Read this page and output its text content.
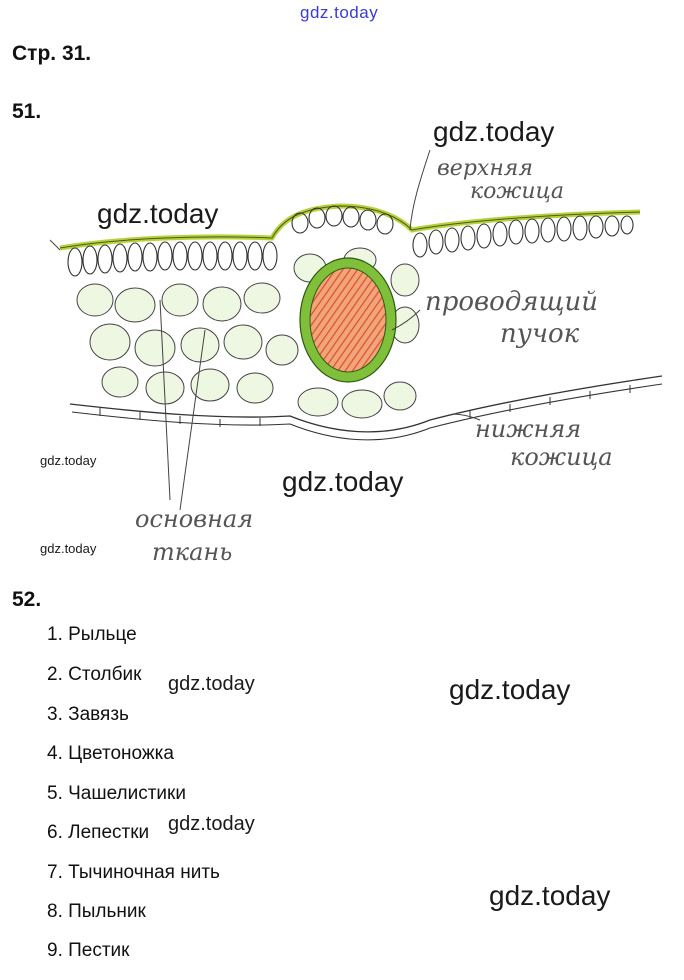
gdz.today
Стр. 31.
51.
верхняя
кожица
проводящий
пучок
нижняя
кожица
основная
ткань
gdz.today
gdz.today
gdz.today
gdz.today
gdz.today
52.
1. Рыльце
2. Столбик
3. Завязь
4. Цветоножка
5. Чашелистики
6. Лепестки
7. Тычиночная нить
8. Пыльник
9. Пестик
gdz.today	gdz.today
gdz.today
gdz.today
